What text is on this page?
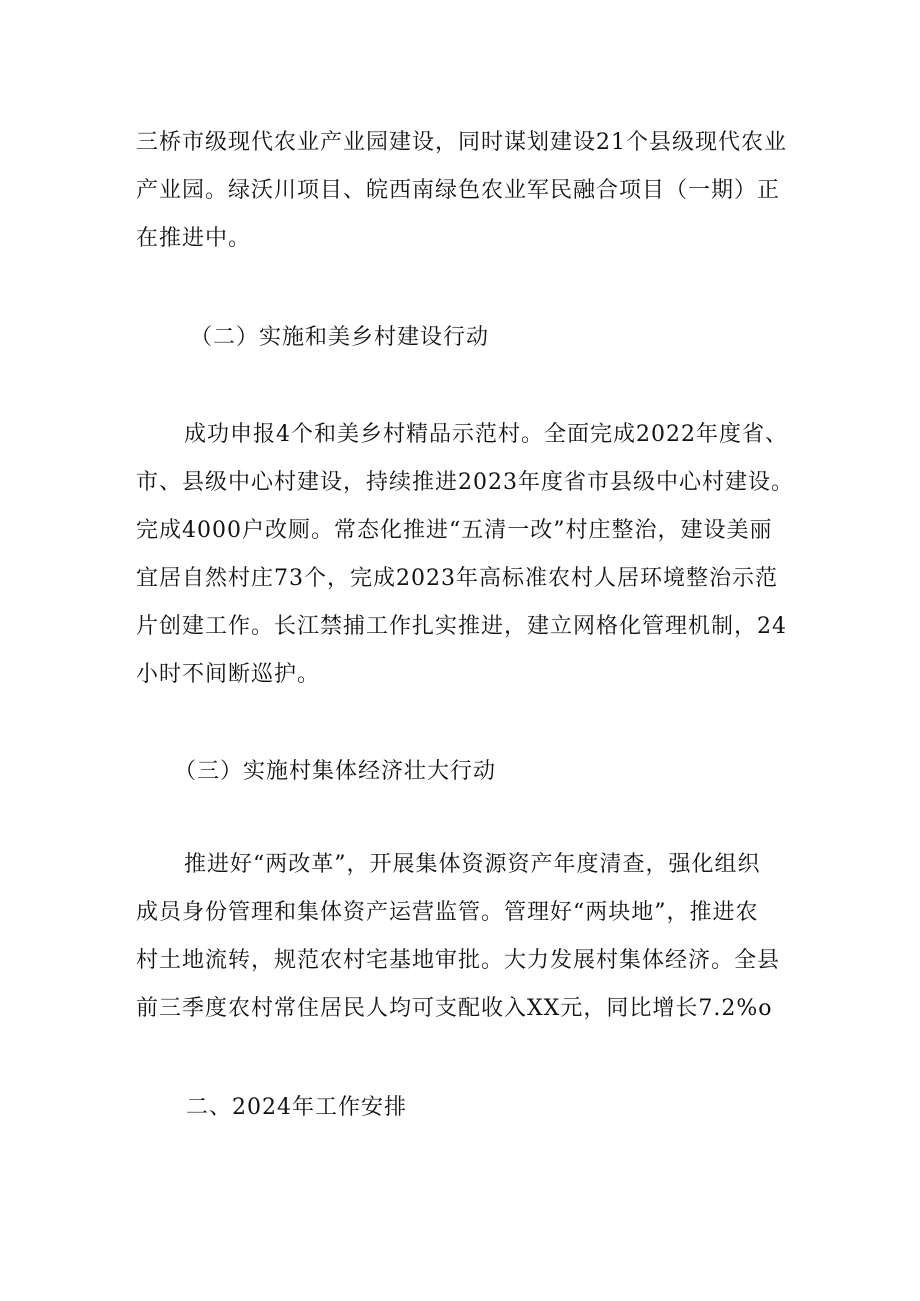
三桥市级现代农业产业园建设，同时谋划建设21个县级现代农业
产业园。绿沃川项目、皖西南绿色农业军民融合项目（一期）正
在推进中。
（二）实施和美乡村建设行动
成功申报4个和美乡村精品示范村。全面完成2022年度省、
市、县级中心村建设，持续推进2023年度省市县级中心村建设。
完成4000户改厕。常态化推进“五清一改”村庄整治，建设美丽
宜居自然村庄73个，完成2023年高标准农村人居环境整治示范
片创建工作。长江禁捕工作扎实推进，建立网格化管理机制，24
小时不间断巡护。
（三）实施村集体经济壮大行动
推进好“两改革”，开展集体资源资产年度清查，强化组织
成员身份管理和集体资产运营监管。管理好“两块地”，推进农
村土地流转，规范农村宅基地审批。大力发展村集体经济。全县
前三季度农村常住居民人均可支配收入XX元，同比增长7.2%o
二、2024年工作安排
